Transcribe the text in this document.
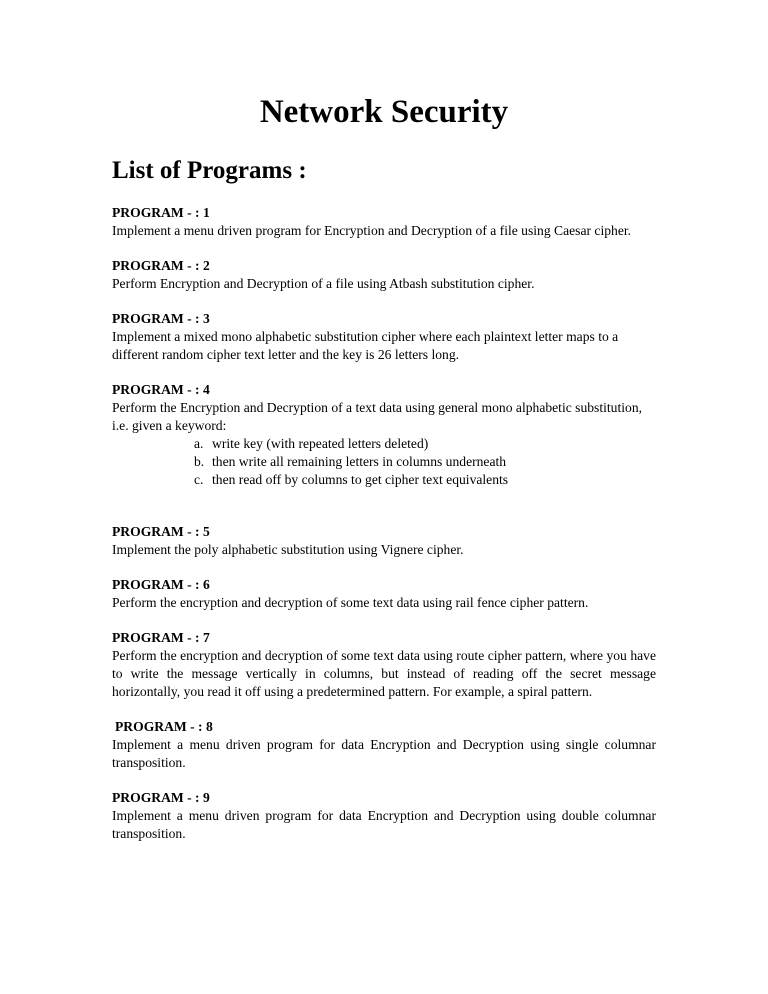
Network Security
List of Programs :
PROGRAM - : 1

Implement a menu driven program for Encryption and Decryption of a file using Caesar cipher.

PROGRAM - : 2

Perform Encryption and Decryption of a file using Atbash substitution cipher.

PROGRAM - : 3

Implement a mixed mono alphabetic substitution cipher where each plaintext letter maps to a different random cipher text letter and the key is 26 letters long.

PROGRAM - : 4

Perform the Encryption and Decryption of a text data using general mono alphabetic substitution, i.e. given a keyword:

a. write key (with repeated letters deleted)
b. then write all remaining letters in columns underneath
c. then read off by columns to get cipher text equivalents
PROGRAM - : 5

Implement the poly alphabetic substitution using Vignere cipher.

PROGRAM - : 6

Perform the encryption and decryption of some text data using rail fence cipher pattern.

PROGRAM - : 7

Perform the encryption and decryption of some text data using route cipher pattern, where you have to write the message vertically in columns, but instead of reading off the secret message horizontally, you read it off using a predetermined pattern. For example, a spiral pattern.

PROGRAM - : 8

Implement a menu driven program for data Encryption and Decryption using single columnar transposition.

PROGRAM - : 9

Implement a menu driven program for data Encryption and Decryption using double columnar transposition.
